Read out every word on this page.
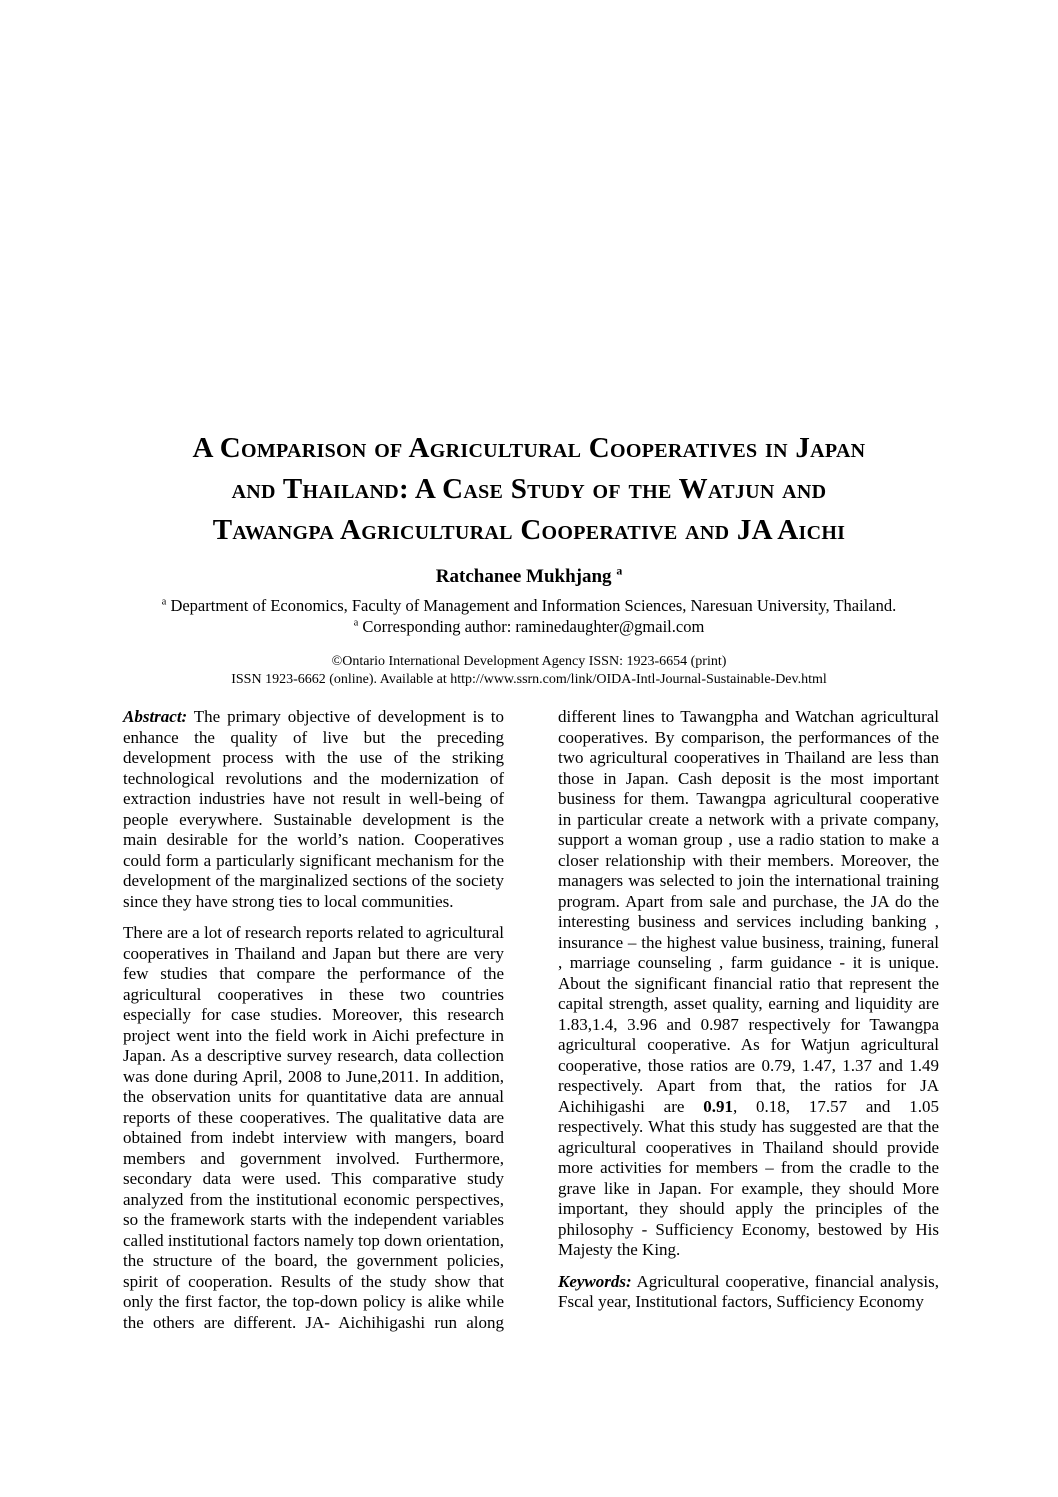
A Comparison of Agricultural Cooperatives in Japan
and Thailand: A Case Study of the Watjun and
Tawangpa Agricultural Cooperative and JA Aichi
Ratchanee Mukhjang $^a$
$^a$ Department of Economics, Faculty of Management and Information Sciences, Naresuan University, Thailand.
$^a$ Corresponding author: raminedaughter@gmail.com
©Ontario International Development Agency ISSN: 1923-6654 (print)
ISSN 1923-6662 (online). Available at http://www.ssrn.com/link/OIDA-Intl-Journal-Sustainable-Dev.html

Abstract: The primary objective of development is to enhance the quality of live but the preceding development process with the use of the striking technological revolutions and the modernization of extraction industries have not result in well-being of people everywhere. Sustainable development is the main desirable for the world’s nation. Cooperatives could form a particularly significant mechanism for the development of the marginalized sections of the society since they have strong ties to local communities.

There are a lot of research reports related to agricultural cooperatives in Thailand and Japan but there are very few studies that compare the performance of the agricultural cooperatives in these two countries especially for case studies. Moreover, this research project went into the field work in Aichi prefecture in Japan. As a descriptive survey research, data collection was done during April, 2008 to June,2011. In addition, the observation units for quantitative data are annual reports of these cooperatives. The qualitative data are obtained from indebt interview with mangers, board members and government involved. Furthermore, secondary data were used. This comparative study analyzed from the institutional economic perspectives, so the framework starts with the independent variables called institutional factors namely top down orientation, the structure of the board, the government policies, spirit of cooperation. Results of the study show that only the first factor, the top-down policy is alike while the others are different. JA- Aichihigashi run along

different lines to Tawangpha and Watchan agricultural cooperatives. By comparison, the performances of the two agricultural cooperatives in Thailand are less than those in Japan. Cash deposit is the most important business for them. Tawangpa agricultural cooperative in particular create a network with a private company, support a woman group , use a radio station to make a closer relationship with their members. Moreover, the managers was selected to join the international training program. Apart from sale and purchase, the JA do the interesting business and services including banking , insurance – the highest value business, training, funeral , marriage counseling , farm guidance - it is unique. About the significant financial ratio that represent the capital strength, asset quality, earning and liquidity are 1.83,1.4, 3.96 and 0.987 respectively for Tawangpa agricultural cooperative. As for Watjun agricultural cooperative, those ratios are 0.79, 1.47, 1.37 and 1.49 respectively. Apart from that, the ratios for JA Aichihigashi are 0.91, 0.18, 17.57 and 1.05 respectively. What this study has suggested are that the agricultural cooperatives in Thailand should provide more activities for members – from the cradle to the grave like in Japan. For example, they should More important, they should apply the principles of the philosophy - Sufficiency Economy, bestowed by His Majesty the King.

Keywords: Agricultural cooperative, financial analysis, Fscal year, Institutional factors, Sufficiency Economy
